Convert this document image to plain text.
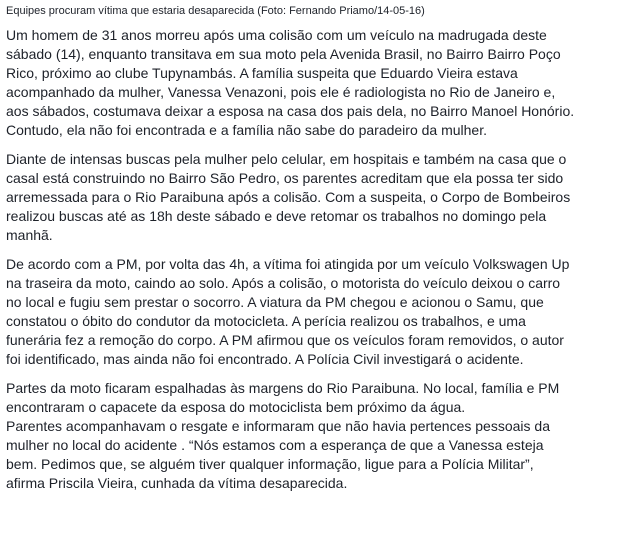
Equipes procuram vítima que estaria desaparecida (Foto: Fernando Priamo/14-05-16)

Um homem de 31 anos morreu após uma colisão com um veículo na madrugada deste
sábado (14), enquanto transitava em sua moto pela Avenida Brasil, no Bairro Bairro Poço
Rico, próximo ao clube Tupynambás. A família suspeita que Eduardo Vieira estava
acompanhado da mulher, Vanessa Venazoni, pois ele é radiologista no Rio de Janeiro e,
aos sábados, costumava deixar a esposa na casa dos pais dela, no Bairro Manoel Honório.
Contudo, ela não foi encontrada e a família não sabe do paradeiro da mulher.

Diante de intensas buscas pela mulher pelo celular, em hospitais e também na casa que o
casal está construindo no Bairro São Pedro, os parentes acreditam que ela possa ter sido
arremessada para o Rio Paraibuna após a colisão. Com a suspeita, o Corpo de Bombeiros
realizou buscas até as 18h deste sábado e deve retomar os trabalhos no domingo pela
manhã.

De acordo com a PM, por volta das 4h, a vítima foi atingida por um veículo Volkswagen Up
na traseira da moto, caindo ao solo. Após a colisão, o motorista do veículo deixou o carro
no local e fugiu sem prestar o socorro. A viatura da PM chegou e acionou o Samu, que
constatou o óbito do condutor da motocicleta. A perícia realizou os trabalhos, e uma
funerária fez a remoção do corpo. A PM afirmou que os veículos foram removidos, o autor
foi identificado, mas ainda não foi encontrado. A Polícia Civil investigará o acidente.

Partes da moto ficaram espalhadas às margens do Rio Paraibuna. No local, família e PM
encontraram o capacete da esposa do motociclista bem próximo da água.
Parentes acompanhavam o resgate e informaram que não havia pertences pessoais da
mulher no local do acidente . “Nós estamos com a esperança de que a Vanessa esteja
bem. Pedimos que, se alguém tiver qualquer informação, ligue para a Polícia Militar”,
afirma Priscila Vieira, cunhada da vítima desaparecida.
